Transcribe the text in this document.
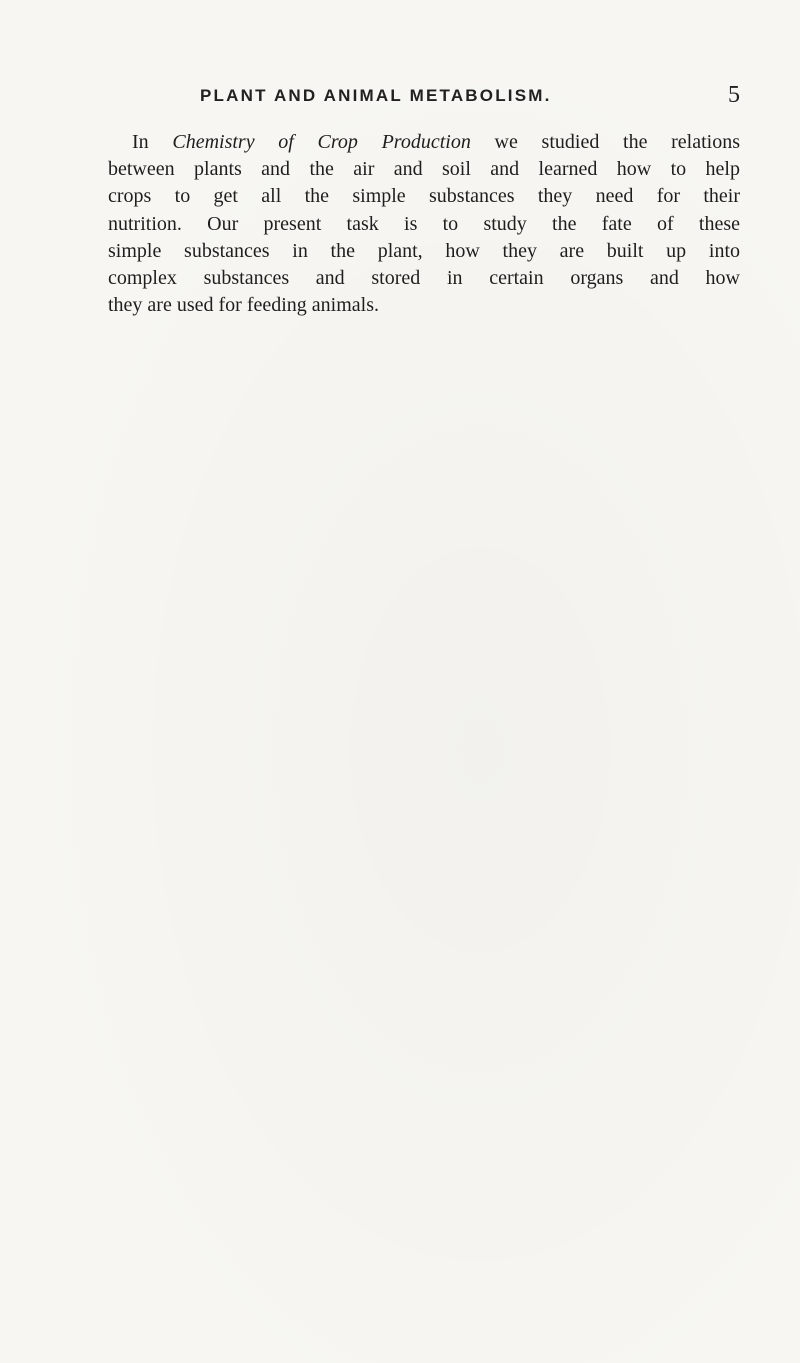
PLANT AND ANIMAL METABOLISM.	5
In Chemistry of Crop Production we studied the relations
between plants and the air and soil and learned how to help
crops to get all the simple substances they need for their
nutrition. Our present task is to study the fate of these
simple substances in the plant, how they are built up into
complex substances and stored in certain organs and how
they are used for feeding animals.
